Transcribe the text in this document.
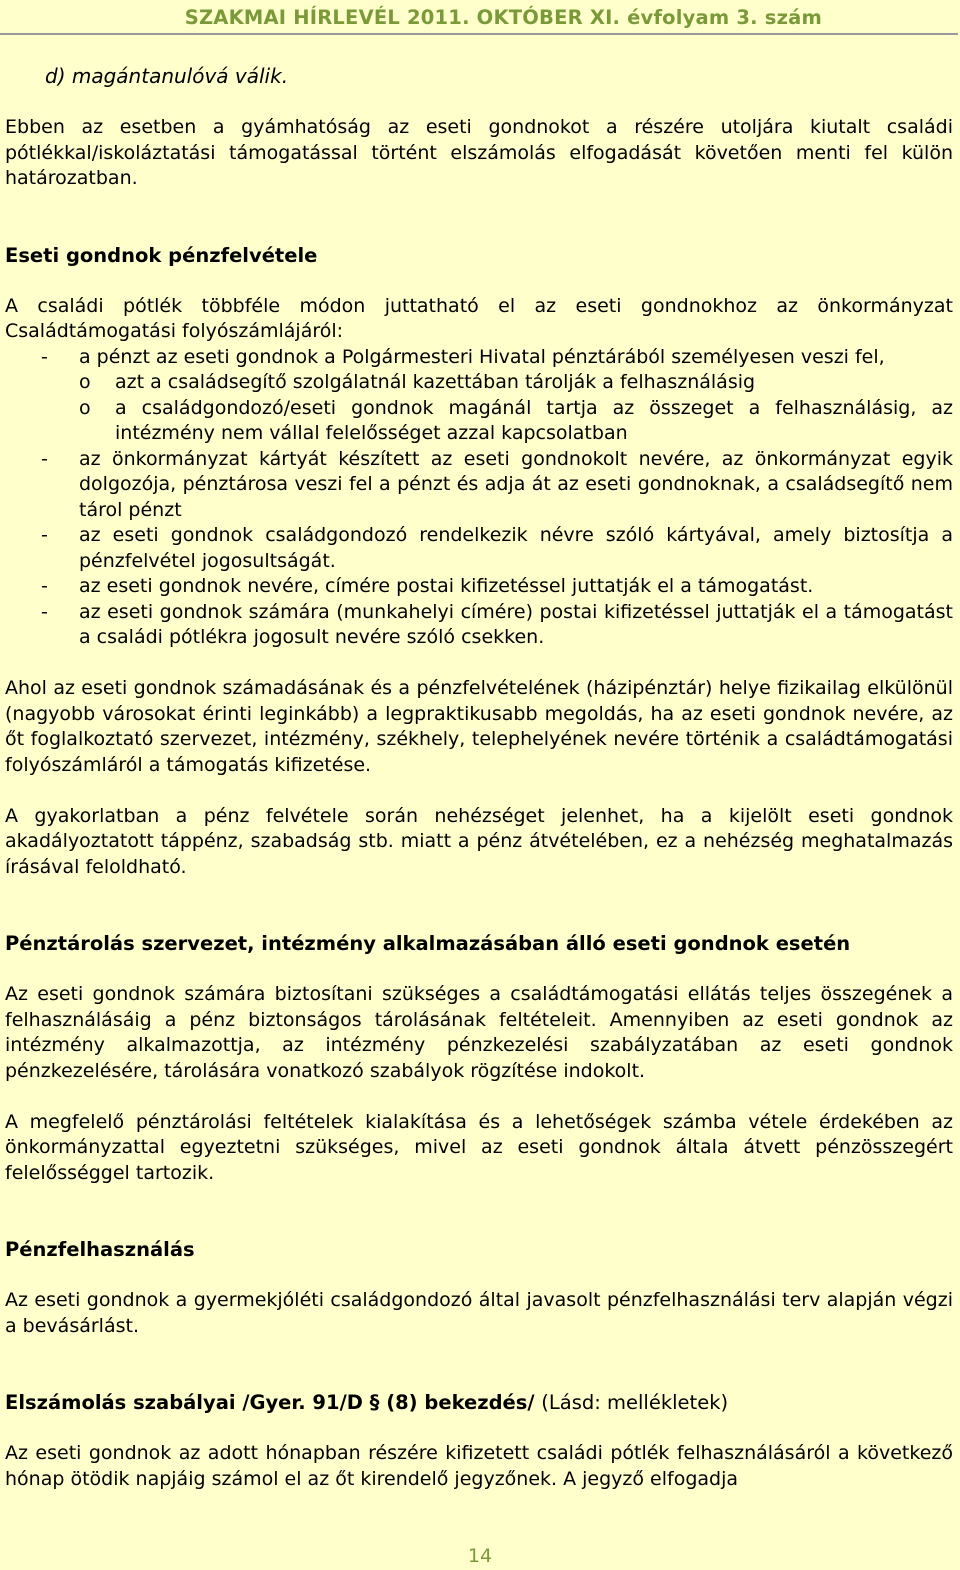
SZAKMAI HÍRLEVÉL 2011. OKTÓBER XI. évfolyam 3. szám

d) magántanulóvá válik.

Ebben az esetben a gyámhatóság az eseti gondnokot a részére utoljára kiutalt családi pótlékkal/iskoláztatási támogatással történt elszámolás elfogadását követően menti fel külön határozatban.

Eseti gondnok pénzfelvétele

A családi pótlék többféle módon juttatható el az eseti gondnokhoz az önkormányzat Családtámogatási folyószámlájáról:

- a pénzt az eseti gondnok a Polgármesteri Hivatal pénztárából személyesen veszi fel,
o azt a családsegítő szolgálatnál kazettában tárolják a felhasználásig
o a családgondozó/eseti gondnok magánál tartja az összeget a felhasználásig, az intézmény nem vállal felelősséget azzal kapcsolatban
- az önkormányzat kártyát készített az eseti gondnokolt nevére, az önkormányzat egyik dolgozója, pénztárosa veszi fel a pénzt és adja át az eseti gondnoknak, a családsegítő nem tárol pénzt
- az eseti gondnok családgondozó rendelkezik névre szóló kártyával, amely biztosítja a pénzfelvétel jogosultságát.
- az eseti gondnok nevére, címére postai kifizetéssel juttatják el a támogatást.
- az eseti gondnok számára (munkahelyi címére) postai kifizetéssel juttatják el a támogatást a családi pótlékra jogosult nevére szóló csekken.

Ahol az eseti gondnok számadásának és a pénzfelvételének (házipénztár) helye fizikailag elkülönül (nagyobb városokat érinti leginkább) a legpraktikusabb megoldás, ha az eseti gondnok nevére, az őt foglalkoztató szervezet, intézmény, székhely, telephelyének nevére történik a családtámogatási folyószámláról a támogatás kifizetése.

A gyakorlatban a pénz felvétele során nehézséget jelenhet, ha a kijelölt eseti gondnok akadályoztatott táppénz, szabadság stb. miatt a pénz átvételében, ez a nehézség meghatalmazás írásával feloldható.

Pénztárolás szervezet, intézmény alkalmazásában álló eseti gondnok esetén

Az eseti gondnok számára biztosítani szükséges a családtámogatási ellátás teljes összegének a felhasználásáig a pénz biztonságos tárolásának feltételeit. Amennyiben az eseti gondnok az intézmény alkalmazottja, az intézmény pénzkezelési szabályzatában az eseti gondnok pénzkezelésére, tárolására vonatkozó szabályok rögzítése indokolt.

A megfelelő pénztárolási feltételek kialakítása és a lehetőségek számba vétele érdekében az önkormányzattal egyeztetni szükséges, mivel az eseti gondnok általa átvett pénzösszegért felelősséggel tartozik.

Pénzfelhasználás

Az eseti gondnok a gyermekjóléti családgondozó által javasolt pénzfelhasználási terv alapján végzi a bevásárlást.

Elszámolás szabályai /Gyer. 91/D § (8) bekezdés/ (Lásd: mellékletek)

Az eseti gondnok az adott hónapban részére kifizetett családi pótlék felhasználásáról a következő hónap ötödik napjáig számol el az őt kirendelő jegyzőnek. A jegyző elfogadja

14
